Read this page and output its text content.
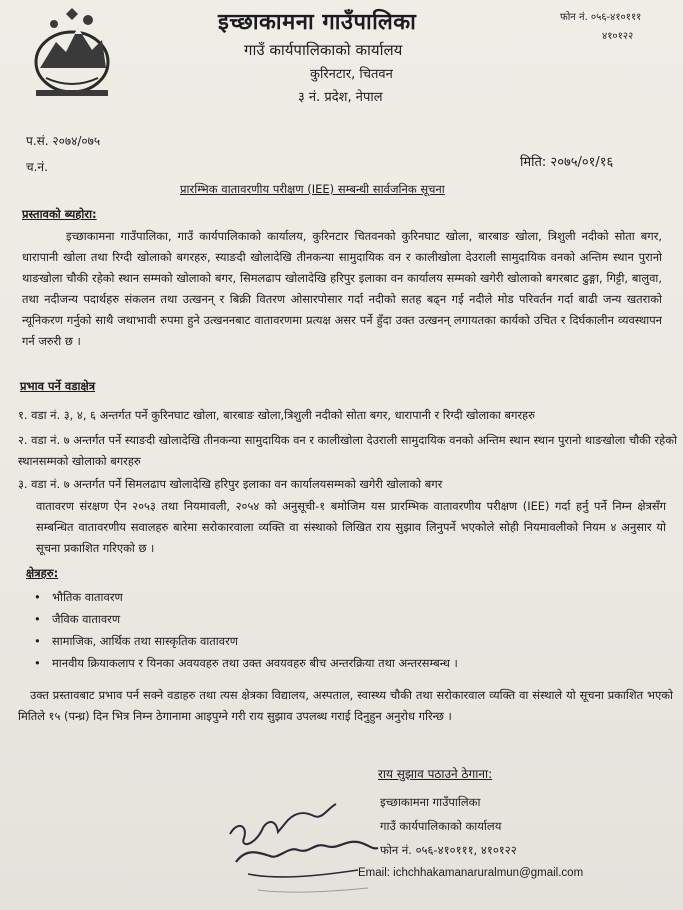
इच्छाकामना गाउँपालिका
गाउँ कार्यपालिकाको कार्यालय
कुरिनटार, चितवन
३ नं. प्रदेश, नेपाल
फोन नं. ०५६-४१०१११
४१०१२२
प.सं. २०७४/०७५
च.नं.	मिति: २०७५/०१/१६
प्रारम्भिक वातावरणीय परीक्षण (IEE) सम्बन्धी सार्वजनिक सूचना
प्रस्तावको ब्यहोरा:
इच्छाकामना गाउँपालिका, गाउँ कार्यपालिकाको कार्यालय, कुरिनटार चितवनको कुरिनघाट खोला, बारबाङ खोला, त्रिशुली नदीको सोता बगर, धारापानी खोला तथा रिग्दी खोलाको बगरहरु, स्याङदी खोलादेखि तीनकन्या सामुदायिक वन र कालीखोला देउराली सामुदायिक वनको अन्तिम स्थान पुरानो थाङखोला चौकी रहेको स्थान सम्मको खोलाको बगर, सिमलढाप खोलादेखि हरिपुर इलाका वन कार्यालय सम्मको खगेरी खोलाको बगरबाट ढुङ्गा, गिट्टी, बालुवा, तथा नदीजन्य पदार्थहरु संकलन तथा उत्खनन् र बिक्री वितरण ओसारपोसार गर्दा नदीको सतह बढ्न गई नदीले मोड परिवर्तन गर्दा बाढी जन्य खतराको न्यूनिकरण गर्नुको साथै जथाभावी रुपमा हुने उत्खननबाट वातावरणमा प्रत्यक्ष असर पर्ने हुँदा उक्त उत्खनन् लगायतका कार्यको उचित र दिर्घकालीन व्यवस्थापन गर्न जरुरी छ ।
प्रभाव पर्ने वडाक्षेत्र
१. वडा नं. ३, ४, ६ अन्तर्गत पर्ने कुरिनघाट खोला, बारबाङ खोला,त्रिशुली नदीको सोता बगर, धारापानी र रिग्दी खोलाका बगरहरु
२. वडा नं. ७ अन्तर्गत पर्ने स्याङदी खोलादेखि तीनकन्या सामुदायिक वन र कालीखोला देउराली सामुदायिक वनको अन्तिम स्थान स्थान पुरानो थाङखोला चौकी रहेको स्थानसम्मको खोलाको बगरहरु
३. वडा नं. ७ अन्तर्गत पर्ने सिमलढाप खोलादेखि हरिपुर इलाका वन कार्यालयसम्मको खगेरी खोलाको बगर
वातावरण संरक्षण ऐन २०५३ तथा नियमावली, २०५४ को अनुसूची-१ बमोजिम यस प्रारम्भिक वातावरणीय परीक्षण (IEE) गर्दा हर्नु पर्ने निम्न क्षेत्रसँग सम्बन्धित वातावरणीय सवालहरु बारेमा सरोकारवाला व्यक्ति वा संस्थाको लिखित राय सुझाव लिनुपर्ने भएकोले सोही नियमावलीको नियम ४ अनुसार यो सूचना प्रकाशित गरिएको छ ।
क्षेत्रहरु:
• भौतिक वातावरण
• जैविक वातावरण
• सामाजिक, आर्थिक तथा सास्कृतिक वातावरण
• मानवीय क्रियाकलाप र यिनका अवयवहरु तथा उक्त अवयवहरु बीच अन्तरक्रिया तथा अन्तरसम्बन्ध ।
उक्त प्रस्तावबाट प्रभाव पर्न सक्ने वडाहरु तथा त्यस क्षेत्रका विद्यालय, अस्पताल, स्वास्थ्य चौकी तथा सरोकारवाल व्यक्ति वा संस्थाले यो सूचना प्रकाशित भएको मितिले १५ (पन्ध्र) दिन भित्र निम्न ठेगानामा आइपुग्ने गरी राय सुझाव उपलब्ध गराई दिनुहुन अनुरोध गरिन्छ ।
राय सुझाव पठाउने ठेगाना:
इच्छाकामना गाउँपालिका
गाउँ कार्यपालिकाको कार्यालय
फोन नं. ०५६-४१०१११, ४१०१२२
Email: ichchhakamanaruralmun@gmail.com
